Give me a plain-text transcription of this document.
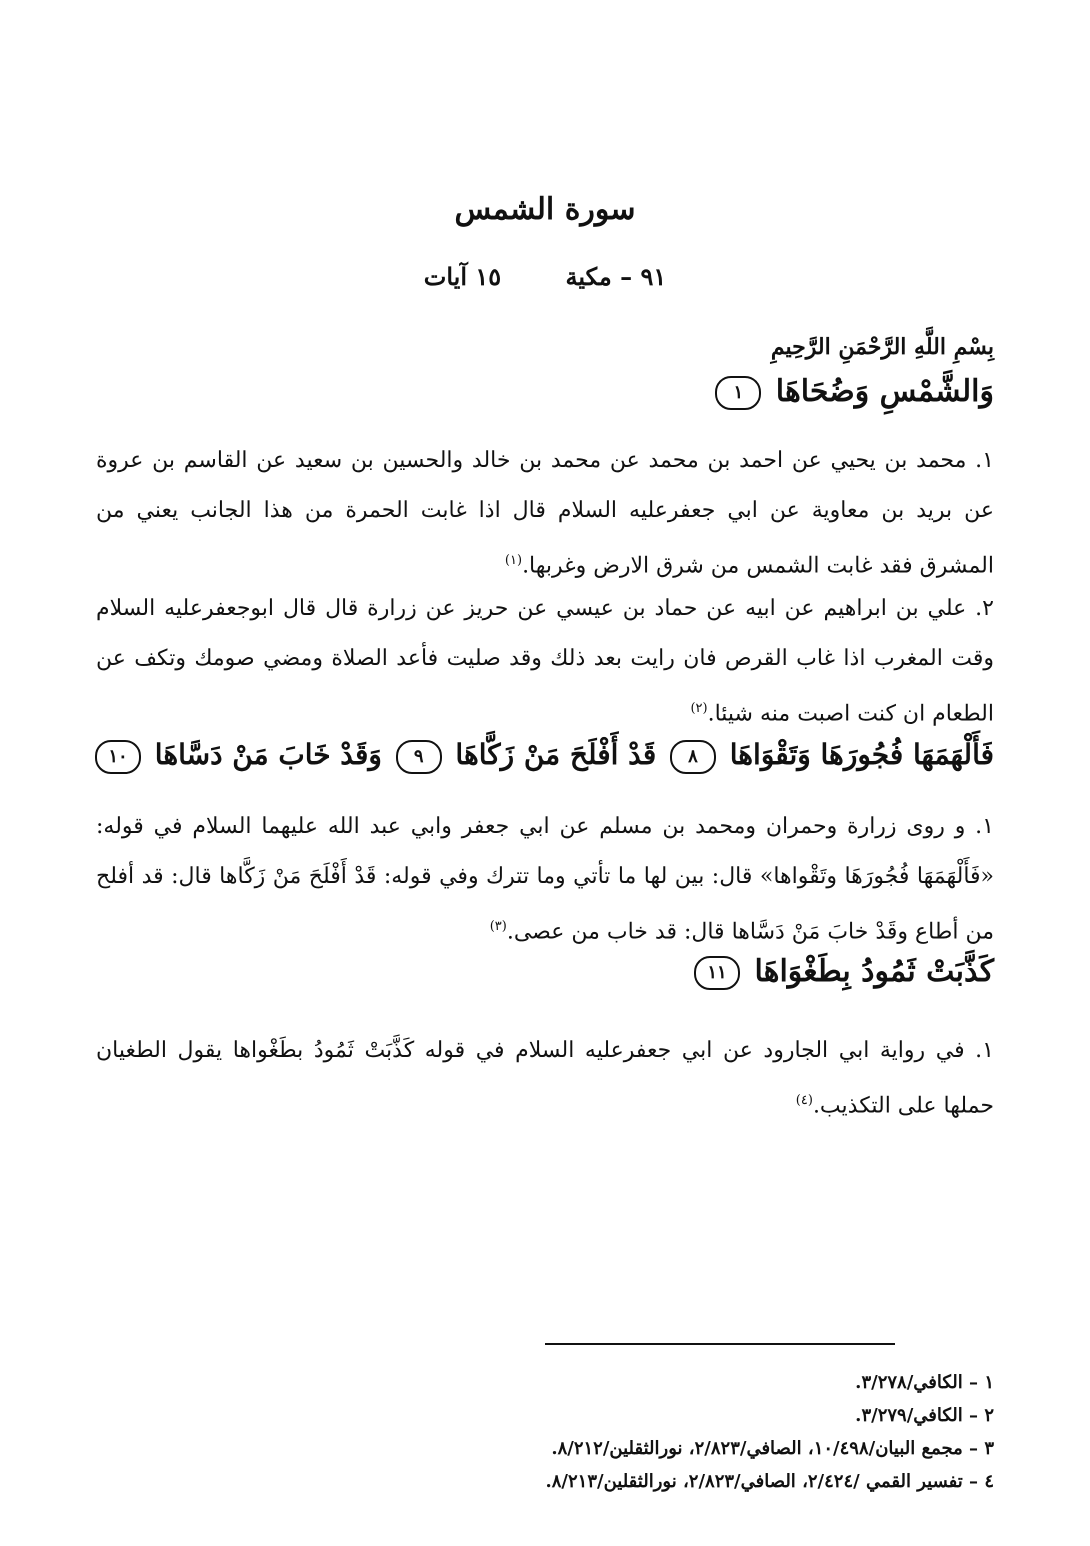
سورة الشمس
٩١ – مكية ١٥ آيات
بِسْمِ اللَّهِ الرَّحْمَنِ الرَّحِيمِ
وَالشَّمْسِ وَضُحَاهَا ١
١. محمد بن يحيي عن احمد بن محمد عن محمد بن خالد والحسين بن سعيد عن القاسم بن عروة عن بريد بن معاوية عن ابي جعفرعليه السلام قال اذا غابت الحمرة من هذا الجانب يعني من المشرق فقد غابت الشمس من شرق الارض وغربها.$^{(١)}$
٢. علي بن ابراهيم عن ابيه عن حماد بن عيسي عن حريز عن زرارة قال قال ابوجعفرعليه السلام وقت المغرب اذا غاب القرص فان رايت بعد ذلك وقد صليت فأعد الصلاة ومضي صومك وتكف عن الطعام ان كنت اصبت منه شيئا.$^{(٢)}$
فَأَلْهَمَهَا فُجُورَهَا وَتَقْوَاهَا ٨ قَدْ أَفْلَحَ مَنْ زَكَّاهَا ٩ وَقَدْ خَابَ مَنْ دَسَّاهَا ١٠
١. و روى زرارة وحمران ومحمد بن مسلم عن ابي جعفر وابي عبد الله عليهما السلام في قوله: «فَأَلْهَمَهَا فُجُورَهَا وتَقْواها» قال: بين لها ما تأتي وما تترك وفي قوله: قَدْ أَفْلَحَ مَنْ زَكَّاها قال: قد أفلح من أطاع وقَدْ خابَ مَنْ دَسَّاها قال: قد خاب من عصى.$^{(٣)}$
كَذَّبَتْ ثَمُودُ بِطَغْوَاهَا ١١
١. في رواية ابي الجارود عن ابي جعفرعليه السلام في قوله كَذَّبَتْ ثَمُودُ بطَغْواها يقول الطغيان حملها على التكذيب.$^{(٤)}$
١ – الكافي/٣/٢٧٨.
٢ – الكافي/٣/٢٧٩.
٣ – مجمع البيان/١٠/٤٩٨، الصافي/٢/٨٢٣، نورالثقلين/٨/٢١٢.
٤ – تفسير القمي /٢/٤٢٤، الصافي/٢/٨٢٣، نورالثقلين/٨/٢١٣.
